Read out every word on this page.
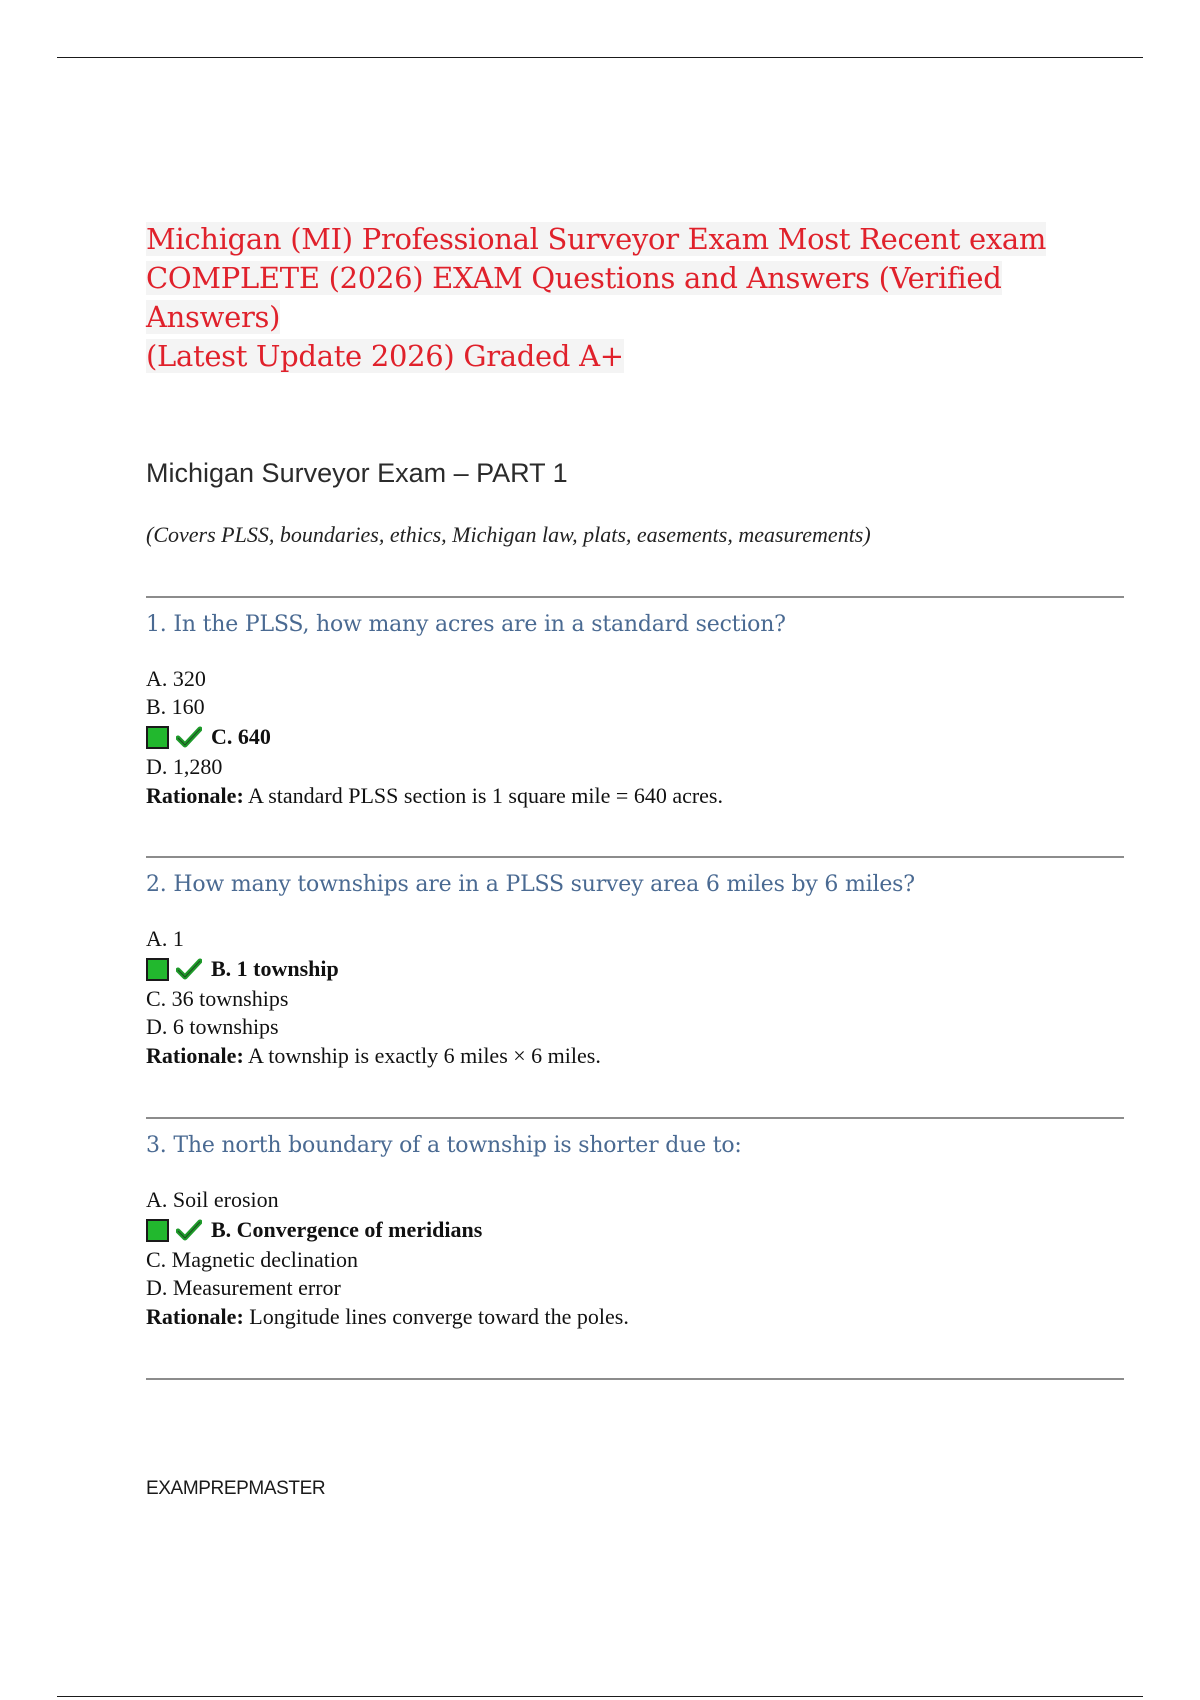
Michigan (MI) Professional Surveyor Exam Most Recent exam
COMPLETE (2026) EXAM Questions and Answers (Verified Answers)
(Latest Update 2026) Graded A+
Michigan Surveyor Exam – PART 1

(Covers PLSS, boundaries, ethics, Michigan law, plats, easements, measurements)

1. In the PLSS, how many acres are in a standard section?

A. 320
B. 160
C. 640
D. 1,280

Rationale: A standard PLSS section is 1 square mile = 640 acres.

2. How many townships are in a PLSS survey area 6 miles by 6 miles?

A. 1
B. 1 township
C. 36 townships
D. 6 townships

Rationale: A township is exactly 6 miles × 6 miles.

3. The north boundary of a township is shorter due to:

A. Soil erosion
B. Convergence of meridians
C. Magnetic declination
D. Measurement error

Rationale: Longitude lines converge toward the poles.

EXAMPREPMASTER
